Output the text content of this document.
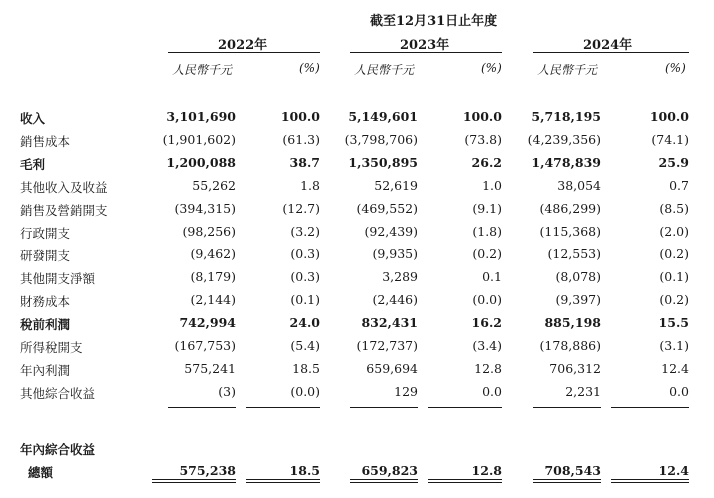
截至12月31日止年度
2022年	2023年	2024年
人民幣千元	(%)	人民幣千元	(%)	人民幣千元	(%)
收入	3,101,690	100.0 5,149,601	100.0 5,718,195	100.0
銷售成本	(1,901,602)	(61.3) (3,798,706)	(73.8) (4,239,356)	(74.1)
毛利	1,200,088	38.7 1,350,895	26.2 1,478,839	25.9
其他收入及收益	55,262	1.8	52,619	1.0	38,054	0.7
銷售及營銷開支	(394,315)	(12.7)	(469,552)	(9.1)	(486,299)	(8.5)
行政開支	(98,256)	(3.2)	(92,439)	(1.8)	(115,368)	(2.0)
研發開支	(9,462)	(0.3)	(9,935)	(0.2)	(12,553)	(0.2)
其他開支淨額	(8,179)	(0.3)	3,289	0.1	(8,078)	(0.1)
財務成本	(2,144)	(0.1)	(2,446)	(0.0)	(9,397)	(0.2)
稅前利潤	742,994	24.0	832,431	16.2	885,198	15.5
所得稅開支	(167,753)	(5.4)	(172,737)	(3.4)	(178,886)	(3.1)
年內利潤	575,241	18.5	659,694	12.8	706,312	12.4
其他綜合收益	(3)	(0.0)	129	0.0	2,231	0.0
年內綜合收益
總額	575,238	18.5	659,823	12.8	708,543	12.4
